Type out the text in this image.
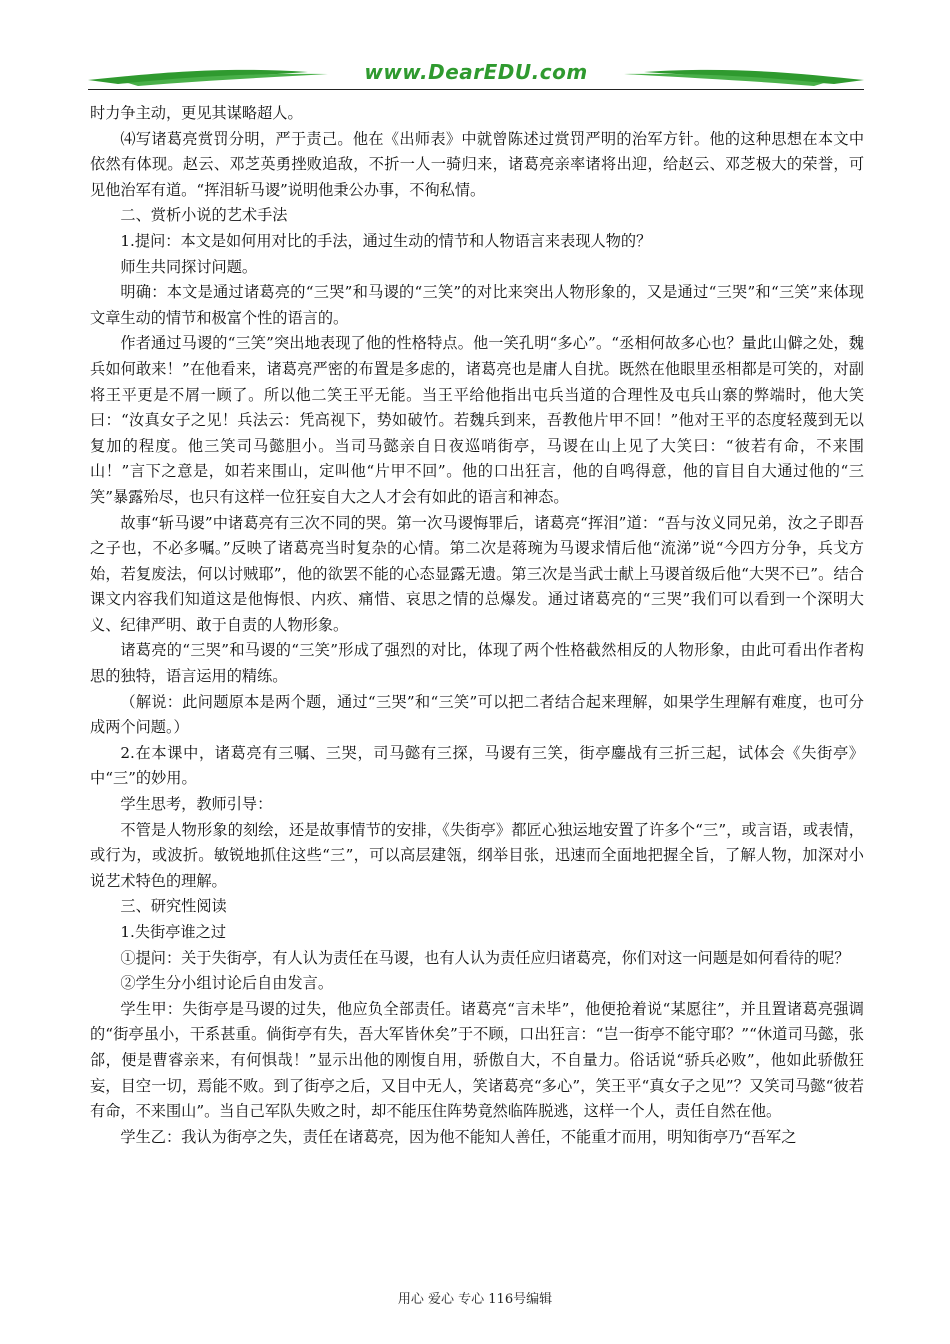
www.DearEDU.com

时力争主动，更见其谋略超人。

⑷写诸葛亮赏罚分明，严于责己。他在《出师表》中就曾陈述过赏罚严明的治军方针。他的这种思想在本文中依然有体现。赵云、邓芝英勇挫败追敌，不折一人一骑归来，诸葛亮亲率诸将出迎，给赵云、邓芝极大的荣誉，可见他治军有道。“挥泪斩马谡”说明他秉公办事，不徇私情。

二、赏析小说的艺术手法

1.提问：本文是如何用对比的手法，通过生动的情节和人物语言来表现人物的？

师生共同探讨问题。

明确：本文是通过诸葛亮的“三哭”和马谡的“三笑”的对比来突出人物形象的，又是通过“三哭”和“三笑”来体现文章生动的情节和极富个性的语言的。

作者通过马谡的“三笑”突出地表现了他的性格特点。他一笑孔明“多心”。“丞相何故多心也？量此山僻之处，魏兵如何敢来！”在他看来，诸葛亮严密的布置是多虑的，诸葛亮也是庸人自扰。既然在他眼里丞相都是可笑的，对副将王平更是不屑一顾了。所以他二笑王平无能。当王平给他指出屯兵当道的合理性及屯兵山寨的弊端时，他大笑曰：“汝真女子之见！兵法云：凭高视下，势如破竹。若魏兵到来，吾教他片甲不回！”他对王平的态度轻蔑到无以复加的程度。他三笑司马懿胆小。当司马懿亲自日夜巡哨街亭，马谡在山上见了大笑曰：“彼若有命，不来围山！”言下之意是，如若来围山，定叫他“片甲不回”。他的口出狂言，他的自鸣得意，他的盲目自大通过他的“三笑”暴露殆尽，也只有这样一位狂妄自大之人才会有如此的语言和神态。

故事“斩马谡”中诸葛亮有三次不同的哭。第一次马谡悔罪后，诸葛亮“挥泪”道：“吾与汝义同兄弟，汝之子即吾之子也，不必多嘱。”反映了诸葛亮当时复杂的心情。第二次是蒋琬为马谡求情后他“流涕”说“今四方分争，兵戈方始，若复废法，何以讨贼耶”，他的欲罢不能的心态显露无遗。第三次是当武士献上马谡首级后他“大哭不已”。结合课文内容我们知道这是他悔恨、内疚、痛惜、哀思之情的总爆发。通过诸葛亮的“三哭”我们可以看到一个深明大义、纪律严明、敢于自责的人物形象。

诸葛亮的“三哭”和马谡的“三笑”形成了强烈的对比，体现了两个性格截然相反的人物形象，由此可看出作者构思的独特，语言运用的精练。

（解说：此问题原本是两个题，通过“三哭”和“三笑”可以把二者结合起来理解，如果学生理解有难度，也可分成两个问题。）

2.在本课中，诸葛亮有三嘱、三哭，司马懿有三探，马谡有三笑，街亭鏖战有三折三起，试体会《失街亭》中“三”的妙用。

学生思考，教师引导：

不管是人物形象的刻绘，还是故事情节的安排，《失街亭》都匠心独运地安置了许多个“三”，或言语，或表情，或行为，或波折。敏锐地抓住这些“三”，可以高层建瓴，纲举目张，迅速而全面地把握全旨，了解人物，加深对小说艺术特色的理解。

三、研究性阅读

1.失街亭谁之过

①提问：关于失街亭，有人认为责任在马谡，也有人认为责任应归诸葛亮，你们对这一问题是如何看待的呢？

②学生分小组讨论后自由发言。

学生甲：失街亭是马谡的过失，他应负全部责任。诸葛亮“言未毕”，他便抢着说“某愿往”，并且置诸葛亮强调的“街亭虽小，干系甚重。倘街亭有失，吾大军皆休矣”于不顾，口出狂言：“岂一街亭不能守耶？”“休道司马懿，张郃，便是曹睿亲来，有何惧哉！”显示出他的刚愎自用，骄傲自大，不自量力。俗话说“骄兵必败”，他如此骄傲狂妄，目空一切，焉能不败。到了街亭之后，又目中无人，笑诸葛亮“多心”，笑王平“真女子之见”？又笑司马懿“彼若有命，不来围山”。当自己军队失败之时，却不能压住阵势竟然临阵脱逃，这样一个人，责任自然在他。

学生乙：我认为街亭之失，责任在诸葛亮，因为他不能知人善任，不能重才而用，明知街亭乃“吾军之

用心 爱心 专心 116号编辑
